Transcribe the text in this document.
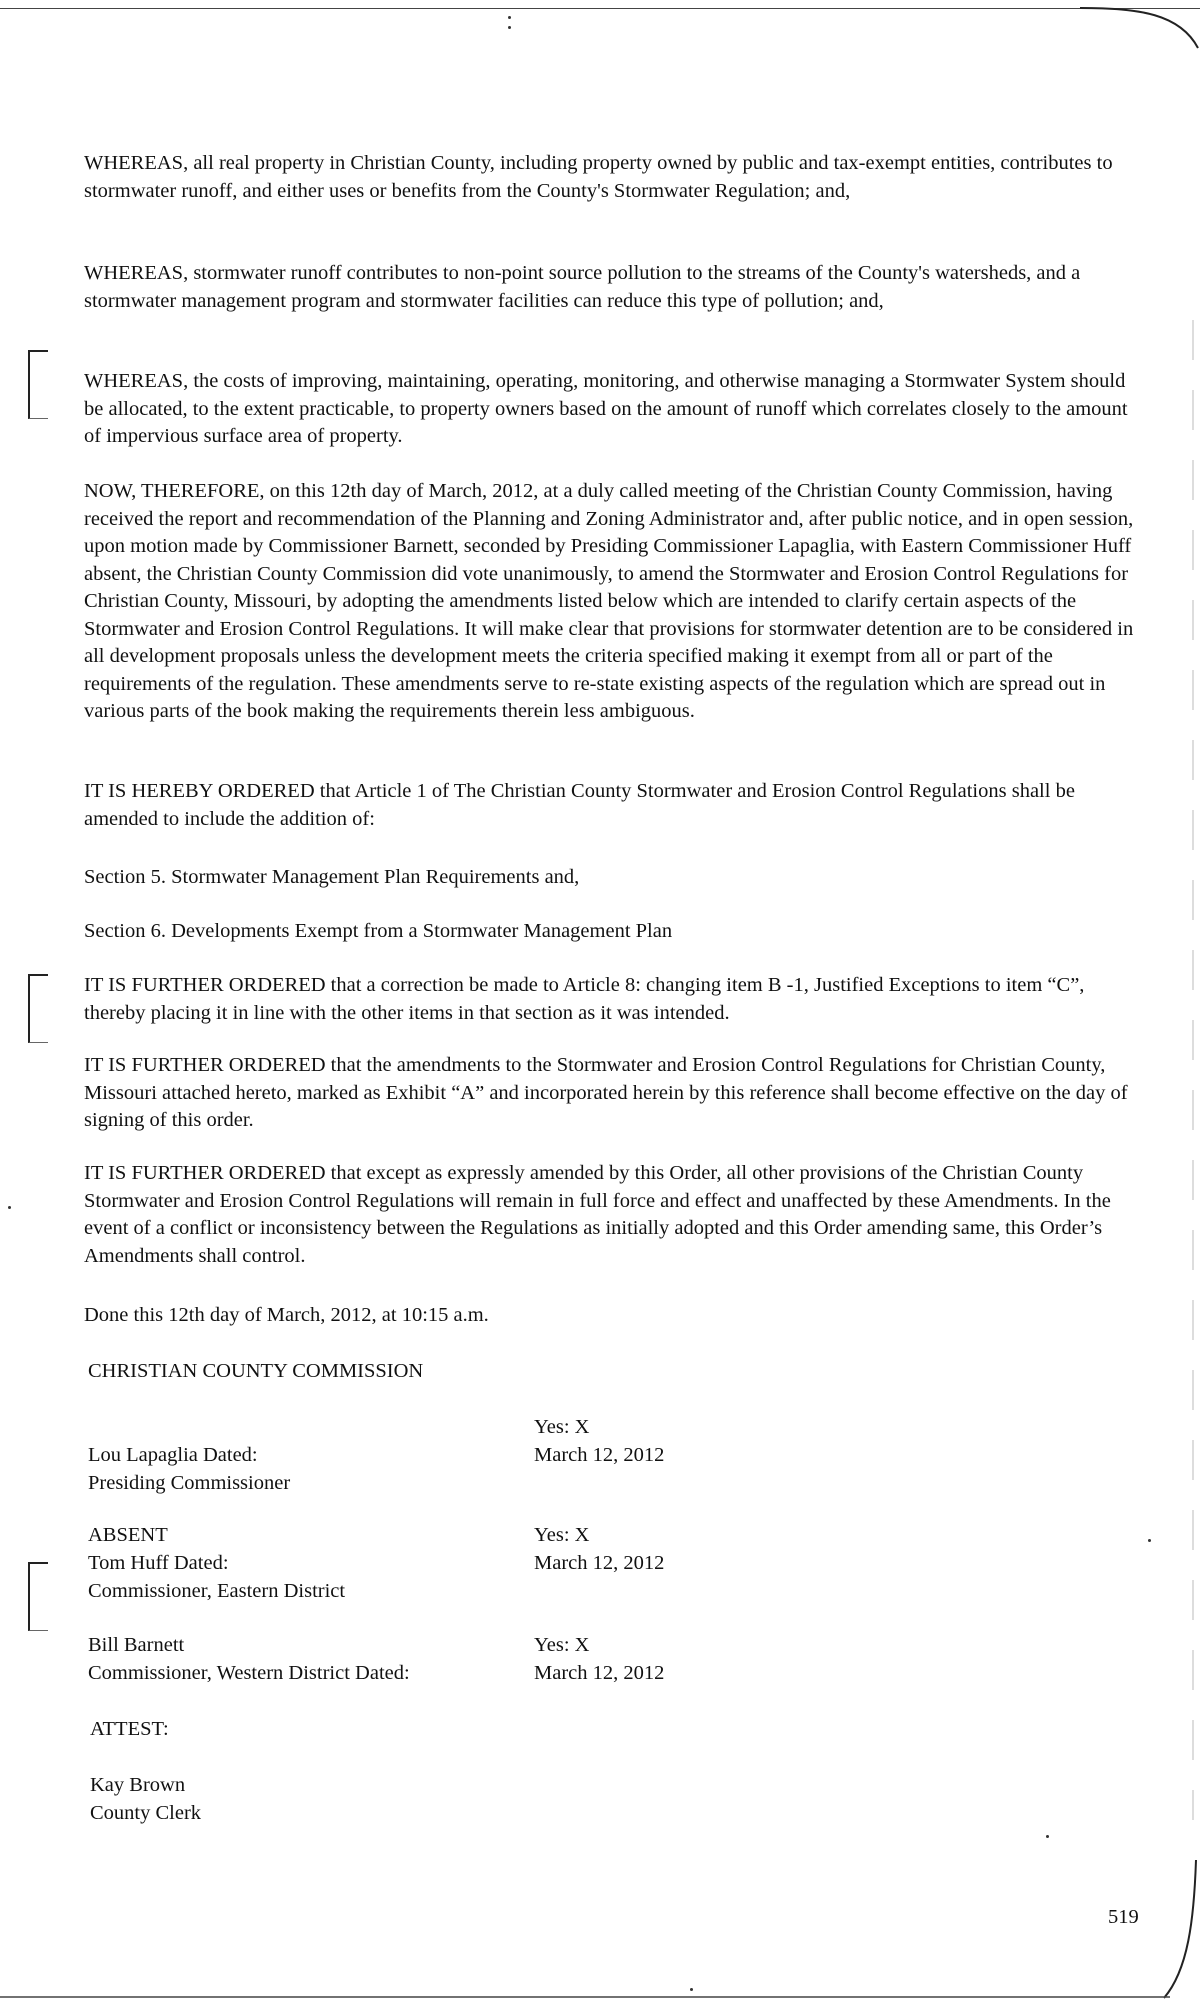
WHEREAS, all real property in Christian County, including property owned by public and tax-exempt entities, contributes to stormwater runoff, and either uses or benefits from the County's Stormwater Regulation; and,

WHEREAS, stormwater runoff contributes to non-point source pollution to the streams of the County's watersheds, and a stormwater management program and stormwater facilities can reduce this type of pollution; and,

WHEREAS, the costs of improving, maintaining, operating, monitoring, and otherwise managing a Stormwater System should be allocated, to the extent practicable, to property owners based on the amount of runoff which correlates closely to the amount of impervious surface area of property.

NOW, THEREFORE, on this 12th day of March, 2012, at a duly called meeting of the Christian County Commission, having received the report and recommendation of the Planning and Zoning Administrator and, after public notice, and in open session, upon motion made by Commissioner Barnett, seconded by Presiding Commissioner Lapaglia, with Eastern Commissioner Huff absent, the Christian County Commission did vote unanimously, to amend the Stormwater and Erosion Control Regulations for Christian County, Missouri, by adopting the amendments listed below which are intended to clarify certain aspects of the Stormwater and Erosion Control Regulations. It will make clear that provisions for stormwater detention are to be considered in all development proposals unless the development meets the criteria specified making it exempt from all or part of the requirements of the regulation. These amendments serve to re-state existing aspects of the regulation which are spread out in various parts of the book making the requirements therein less ambiguous.

IT IS HEREBY ORDERED that Article 1 of The Christian County Stormwater and Erosion Control Regulations shall be amended to include the addition of:

Section 5. Stormwater Management Plan Requirements and,

Section 6. Developments Exempt from a Stormwater Management Plan

IT IS FURTHER ORDERED that a correction be made to Article 8: changing item B -1, Justified Exceptions to item “C”, thereby placing it in line with the other items in that section as it was intended.

IT IS FURTHER ORDERED that the amendments to the Stormwater and Erosion Control Regulations for Christian County, Missouri attached hereto, marked as Exhibit “A” and incorporated herein by this reference shall become effective on the day of signing of this order.

IT IS FURTHER ORDERED that except as expressly amended by this Order, all other provisions of the Christian County Stormwater and Erosion Control Regulations will remain in full force and effect and unaffected by these Amendments. In the event of a conflict or inconsistency between the Regulations as initially adopted and this Order amending same, this Order’s Amendments shall control.

Done this 12th day of March, 2012, at 10:15 a.m.

CHRISTIAN COUNTY COMMISSION

Yes: X

Lou Lapaglia Dated:	March 12, 2012

Presiding Commissioner

ABSENT	Yes: X

Tom Huff Dated:	March 12, 2012

Commissioner, Eastern District

Bill Barnett	Yes: X

Commissioner, Western District Dated:	March 12, 2012

ATTEST:

Kay Brown

County Clerk

519
